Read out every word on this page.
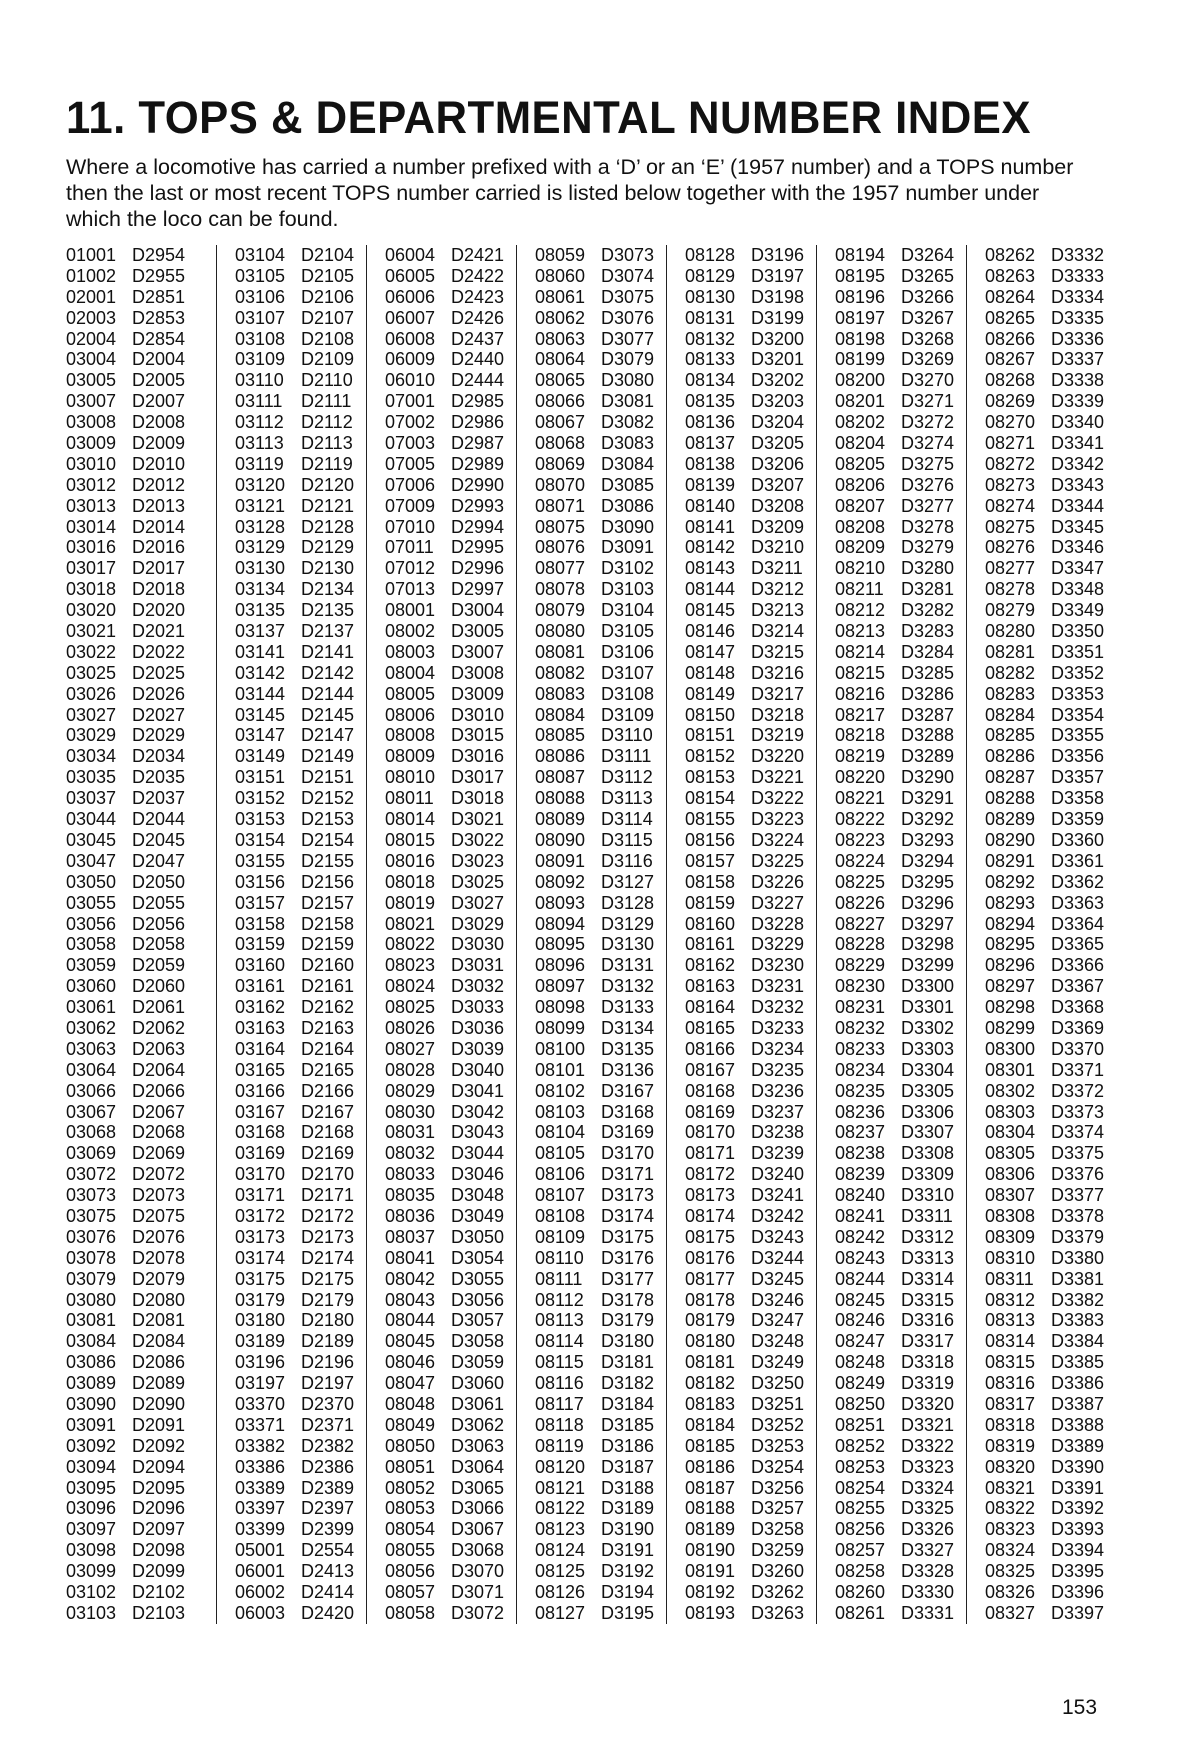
11. TOPS & DEPARTMENTAL NUMBER INDEX

Where a locomotive has carried a number prefixed with a ‘D’ or an ‘E’ (1957 number) and a TOPS number then the last or most recent TOPS number carried is listed below together with the 1957 number under which the loco can be found.

01001 D2954
01002 D2955
02001 D2851
02003 D2853
02004 D2854
03004 D2004
03005 D2005
03007 D2007
03008 D2008
03009 D2009
03010 D2010
03012 D2012
03013 D2013
03014 D2014
03016 D2016
03017 D2017
03018 D2018
03020 D2020
03021 D2021
03022 D2022
03025 D2025
03026 D2026
03027 D2027
03029 D2029
03034 D2034
03035 D2035
03037 D2037
03044 D2044
03045 D2045
03047 D2047
03050 D2050
03055 D2055
03056 D2056
03058 D2058
03059 D2059
03060 D2060
03061 D2061
03062 D2062
03063 D2063
03064 D2064
03066 D2066
03067 D2067
03068 D2068
03069 D2069
03072 D2072
03073 D2073
03075 D2075
03076 D2076
03078 D2078
03079 D2079
03080 D2080
03081 D2081
03084 D2084
03086 D2086
03089 D2089
03090 D2090
03091 D2091
03092 D2092
03094 D2094
03095 D2095
03096 D2096
03097 D2097
03098 D2098
03099 D2099
03102 D2102
03103 D2103
03104 D2104
03105 D2105
03106 D2106
03107 D2107
03108 D2108
03109 D2109
03110 D2110
03111	D2111
03112 D2112
03113 D2113
03119 D2119
03120 D2120
03121 D2121
03128 D2128
03129 D2129
03130 D2130
03134 D2134
03135 D2135
03137 D2137
03141 D2141
03142 D2142
03144 D2144
03145 D2145
03147 D2147
03149 D2149
03151 D2151
03152 D2152
03153 D2153
03154 D2154
03155 D2155
03156 D2156
03157 D2157
03158 D2158
03159 D2159
03160 D2160
03161 D2161
03162 D2162
03163 D2163
03164 D2164
03165 D2165
03166 D2166
03167 D2167
03168 D2168
03169 D2169
03170 D2170
03171 D2171
03172 D2172
03173 D2173
03174 D2174
03175 D2175
03179 D2179
03180 D2180
03189 D2189
03196 D2196
03197 D2197
03370 D2370
03371 D2371
03382 D2382
03386 D2386
03389 D2389
03397 D2397
03399 D2399
05001 D2554
06001 D2413
06002 D2414
06003 D2420
06004 D2421
06005 D2422
06006 D2423
06007 D2426
06008 D2437
06009 D2440
06010 D2444
07001 D2985
07002 D2986
07003 D2987
07005 D2989
07006 D2990
07009 D2993
07010 D2994
07011 D2995
07012 D2996
07013 D2997
08001 D3004
08002 D3005
08003 D3007
08004 D3008
08005 D3009
08006 D3010
08008 D3015
08009 D3016
08010 D3017
08011 D3018
08014 D3021
08015 D3022
08016 D3023
08018 D3025
08019 D3027
08021 D3029
08022 D3030
08023 D3031
08024 D3032
08025 D3033
08026 D3036
08027 D3039
08028 D3040
08029 D3041
08030 D3042
08031 D3043
08032 D3044
08033 D3046
08035 D3048
08036 D3049
08037 D3050
08041 D3054
08042 D3055
08043 D3056
08044 D3057
08045 D3058
08046 D3059
08047 D3060
08048 D3061
08049 D3062
08050 D3063
08051 D3064
08052 D3065
08053 D3066
08054 D3067
08055 D3068
08056 D3070
08057 D3071
08058 D3072
08059 D3073
08060 D3074
08061 D3075
08062 D3076
08063 D3077
08064 D3079
08065 D3080
08066 D3081
08067 D3082
08068 D3083
08069 D3084
08070 D3085
08071 D3086
08075 D3090
08076 D3091
08077 D3102
08078 D3103
08079 D3104
08080 D3105
08081 D3106
08082 D3107
08083 D3108
08084 D3109
08085 D3110
08086 D3111
08087 D3112
08088 D3113
08089 D3114
08090 D3115
08091 D3116
08092 D3127
08093 D3128
08094 D3129
08095 D3130
08096 D3131
08097 D3132
08098 D3133
08099 D3134
08100 D3135
08101 D3136
08102 D3167
08103 D3168
08104 D3169
08105 D3170
08106 D3171
08107 D3173
08108 D3174
08109 D3175
08110 D3176
08111	D3177
08112 D3178
08113 D3179
08114 D3180
08115 D3181
08116 D3182
08117 D3184
08118 D3185
08119 D3186
08120 D3187
08121 D3188
08122 D3189
08123 D3190
08124 D3191
08125 D3192
08126 D3194
08127 D3195
08128 D3196
08129 D3197
08130 D3198
08131 D3199
08132 D3200
08133 D3201
08134 D3202
08135 D3203
08136 D3204
08137 D3205
08138 D3206
08139 D3207
08140 D3208
08141 D3209
08142 D3210
08143 D3211
08144 D3212
08145 D3213
08146 D3214
08147 D3215
08148 D3216
08149 D3217
08150 D3218
08151 D3219
08152 D3220
08153 D3221
08154 D3222
08155 D3223
08156 D3224
08157 D3225
08158 D3226
08159 D3227
08160 D3228
08161 D3229
08162 D3230
08163 D3231
08164 D3232
08165 D3233
08166 D3234
08167 D3235
08168 D3236
08169 D3237
08170 D3238
08171 D3239
08172 D3240
08173 D3241
08174 D3242
08175 D3243
08176 D3244
08177 D3245
08178 D3246
08179 D3247
08180 D3248
08181 D3249
08182 D3250
08183 D3251
08184 D3252
08185 D3253
08186 D3254
08187 D3256
08188 D3257
08189 D3258
08190 D3259
08191 D3260
08192 D3262
08193 D3263
08194 D3264
08195 D3265
08196 D3266
08197 D3267
08198 D3268
08199 D3269
08200 D3270
08201 D3271
08202 D3272
08204 D3274
08205 D3275
08206 D3276
08207 D3277
08208 D3278
08209 D3279
08210 D3280
08211 D3281
08212 D3282
08213 D3283
08214 D3284
08215 D3285
08216 D3286
08217 D3287
08218 D3288
08219 D3289
08220 D3290
08221 D3291
08222 D3292
08223 D3293
08224 D3294
08225 D3295
08226 D3296
08227 D3297
08228 D3298
08229 D3299
08230 D3300
08231 D3301
08232 D3302
08233 D3303
08234 D3304
08235 D3305
08236 D3306
08237 D3307
08238 D3308
08239 D3309
08240 D3310
08241 D3311
08242 D3312
08243 D3313
08244 D3314
08245 D3315
08246 D3316
08247 D3317
08248 D3318
08249 D3319
08250 D3320
08251 D3321
08252 D3322
08253 D3323
08254 D3324
08255 D3325
08256 D3326
08257 D3327
08258 D3328
08260 D3330
08261 D3331
08262 D3332
08263 D3333
08264 D3334
08265 D3335
08266 D3336
08267 D3337
08268 D3338
08269 D3339
08270 D3340
08271 D3341
08272 D3342
08273 D3343
08274 D3344
08275 D3345
08276 D3346
08277 D3347
08278 D3348
08279 D3349
08280 D3350
08281 D3351
08282 D3352
08283 D3353
08284 D3354
08285 D3355
08286 D3356
08287 D3357
08288 D3358
08289 D3359
08290 D3360
08291 D3361
08292 D3362
08293 D3363
08294 D3364
08295 D3365
08296 D3366
08297 D3367
08298 D3368
08299 D3369
08300 D3370
08301 D3371
08302 D3372
08303 D3373
08304 D3374
08305 D3375
08306 D3376
08307 D3377
08308 D3378
08309 D3379
08310 D3380
08311 D3381
08312 D3382
08313 D3383
08314 D3384
08315 D3385
08316 D3386
08317 D3387
08318 D3388
08319 D3389
08320 D3390
08321 D3391
08322 D3392
08323 D3393
08324 D3394
08325 D3395
08326 D3396
08327 D3397
153
